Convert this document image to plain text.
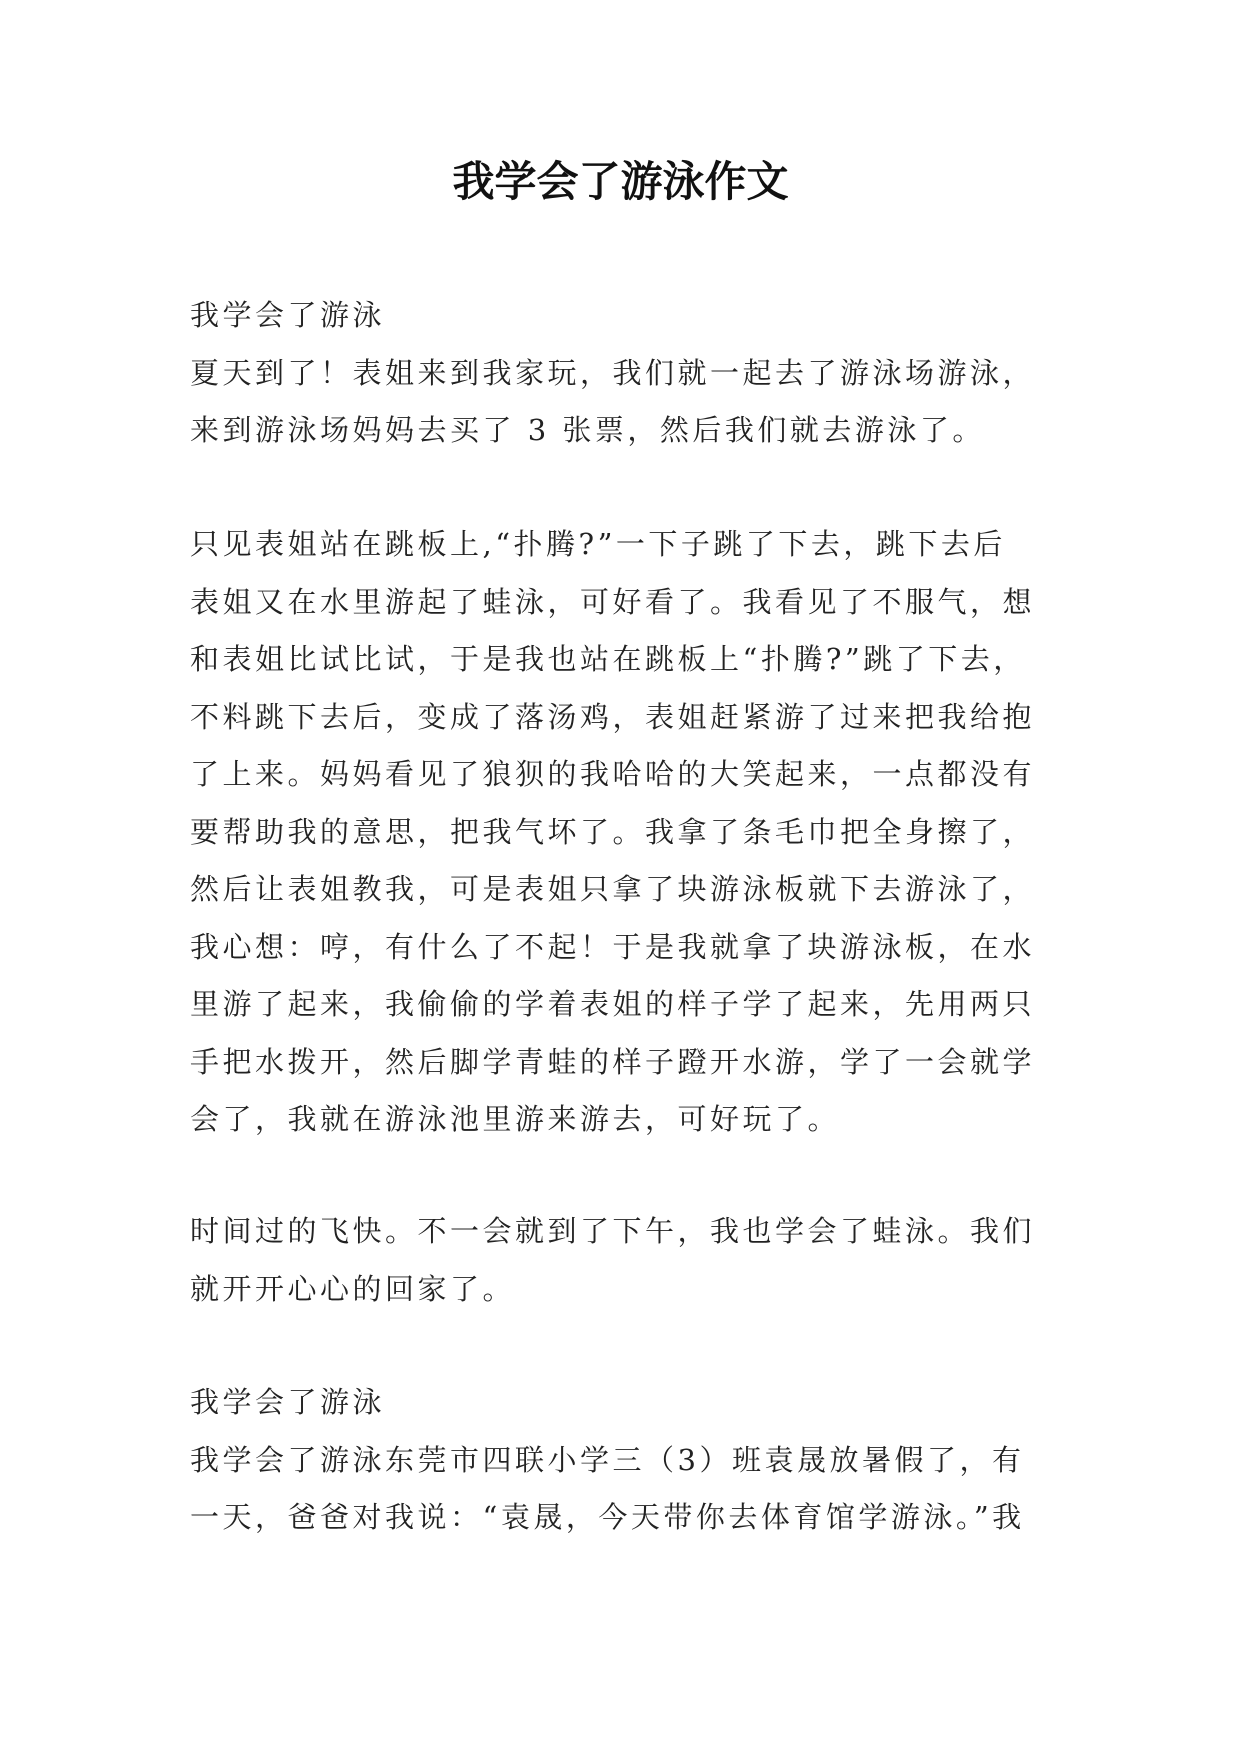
我学会了游泳作文
我学会了游泳
夏天到了！表姐来到我家玩，我们就一起去了游泳场游泳，
来到游泳场妈妈去买了 3 张票，然后我们就去游泳了。
只见表姐站在跳板上,“扑腾?”一下子跳了下去，跳下去后
表姐又在水里游起了蛙泳，可好看了。我看见了不服气，想
和表姐比试比试，于是我也站在跳板上“扑腾?”跳了下去，
不料跳下去后，变成了落汤鸡，表姐赶紧游了过来把我给抱
了上来。妈妈看见了狼狈的我哈哈的大笑起来，一点都没有
要帮助我的意思，把我气坏了。我拿了条毛巾把全身擦了，
然后让表姐教我，可是表姐只拿了块游泳板就下去游泳了，
我心想：哼，有什么了不起！于是我就拿了块游泳板，在水
里游了起来，我偷偷的学着表姐的样子学了起来，先用两只
手把水拨开，然后脚学青蛙的样子蹬开水游，学了一会就学
会了，我就在游泳池里游来游去，可好玩了。
时间过的飞快。不一会就到了下午，我也学会了蛙泳。我们
就开开心心的回家了。
我学会了游泳
我学会了游泳东莞市四联小学三（3）班袁晟放暑假了，有
一天，爸爸对我说：“袁晟，今天带你去体育馆学游泳。”我
